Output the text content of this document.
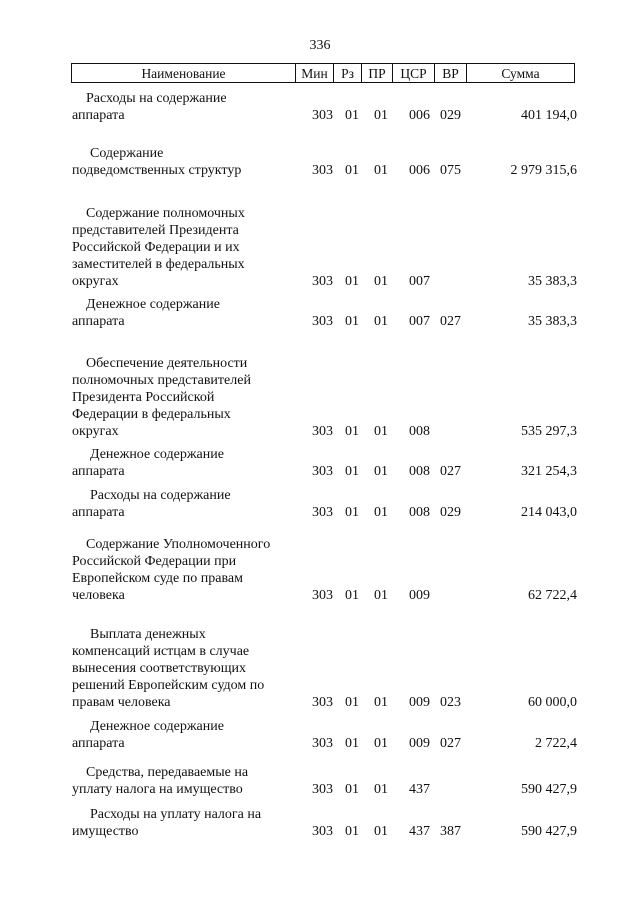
336
Наименование	Мин Рз	ПР	ЦСР	ВР	Сумма
Расходы на содержание
аппарата	303 01 01 006 029	401 194,0
Содержание
подведомственных структур	303 01 01 006 075	2 979 315,6
Содержание полномочных
представителей Президента
Российской Федерации и их
заместителей в федеральных
округах	303 01 01 007	35 383,3
Денежное содержание
аппарата	303 01 01 007 027	35 383,3
Обеспечение деятельности
полномочных представителей
Президента Российской
Федерации в федеральных
округах	303 01 01 008	535 297,3
Денежное содержание
аппарата	303 01 01 008 027	321 254,3
Расходы на содержание
аппарата	303 01 01 008 029	214 043,0
Содержание Уполномоченного
Российской Федерации при
Европейском суде по правам
человека	303 01 01 009	62 722,4
Выплата денежных
компенсаций истцам в случае
вынесения соответствующих
решений Европейским судом по
правам человека	303 01 01 009 023	60 000,0
Денежное содержание
аппарата	303 01 01 009 027	2 722,4
Средства, передаваемые на
уплату налога на имущество	303 01 01 437	590 427,9
Расходы на уплату налога на
имущество	303 01 01 437 387	590 427,9
